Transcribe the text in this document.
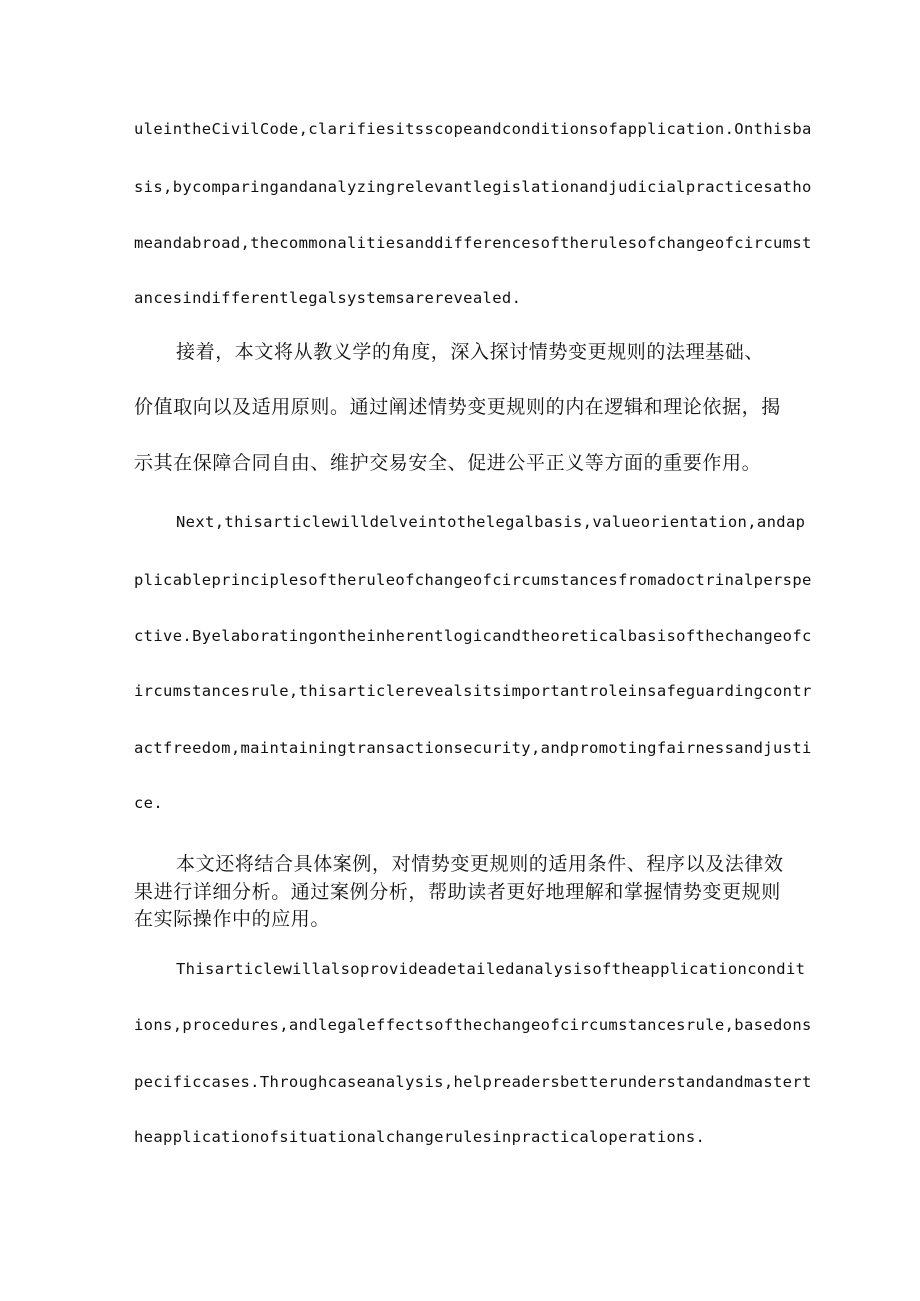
uleintheCivilCode,clarifiesitsscopeandconditionsofapplication.Onthisba
sis,bycomparingandanalyzingrelevantlegislationandjudicialpracticesatho
meandabroad,thecommonalitiesanddifferencesoftherulesofchangeofcircumst
ancesindifferentlegalsystemsarerevealed.
接着，本文将从教义学的角度，深入探讨情势变更规则的法理基础、
价值取向以及适用原则。通过阐述情势变更规则的内在逻辑和理论依据，揭
示其在保障合同自由、维护交易安全、促进公平正义等方面的重要作用。
Next,thisarticlewilldelveintothelegalbasis,valueorientation,andap
plicableprinciplesoftheruleofchangeofcircumstancesfromadoctrinalperspe
ctive.Byelaboratingontheinherentlogicandtheoreticalbasisofthechangeofc
ircumstancesrule,thisarticlerevealsitsimportantroleinsafeguardingcontr
actfreedom,maintainingtransactionsecurity,andpromotingfairnessandjusti
ce.
本文还将结合具体案例，对情势变更规则的适用条件、程序以及法律效
果进行详细分析。通过案例分析，帮助读者更好地理解和掌握情势变更规则
在实际操作中的应用。
Thisarticlewillalsoprovideadetailedanalysisoftheapplicationcondit
ions,procedures,andlegaleffectsofthechangeofcircumstancesrule,basedons
pecificcases.Throughcaseanalysis,helpreadersbetterunderstandandmastert
heapplicationofsituationalchangerulesinpracticaloperations.
